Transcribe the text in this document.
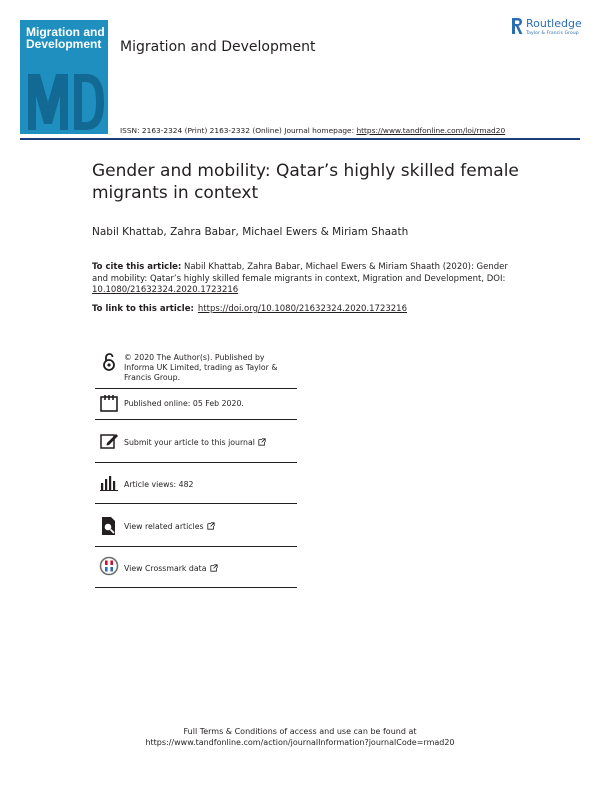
Migration and
Development	Migration and Development
Routledge
Taylor & Francis Group
ISSN: 2163-2324 (Print) 2163-2332 (Online) Journal homepage: https://www.tandfonline.com/loi/rmad20
Gender and mobility: Qatar’s highly skilled female migrants in context
Nabil Khattab, Zahra Babar, Michael Ewers & Miriam Shaath
To cite this article: Nabil Khattab, Zahra Babar, Michael Ewers & Miriam Shaath (2020): Gender and mobility: Qatar’s highly skilled female migrants in context, Migration and Development, DOI: 10.1080/21632324.2020.1723216
To link to this article: https://doi.org/10.1080/21632324.2020.1723216
© 2020 The Author(s). Published by Informa UK Limited, trading as Taylor & Francis Group.
Published online: 05 Feb 2020.
Submit your article to this journal
Article views: 482
View related articles
View Crossmark data
Full Terms & Conditions of access and use can be found at
https://www.tandfonline.com/action/journalInformation?journalCode=rmad20
